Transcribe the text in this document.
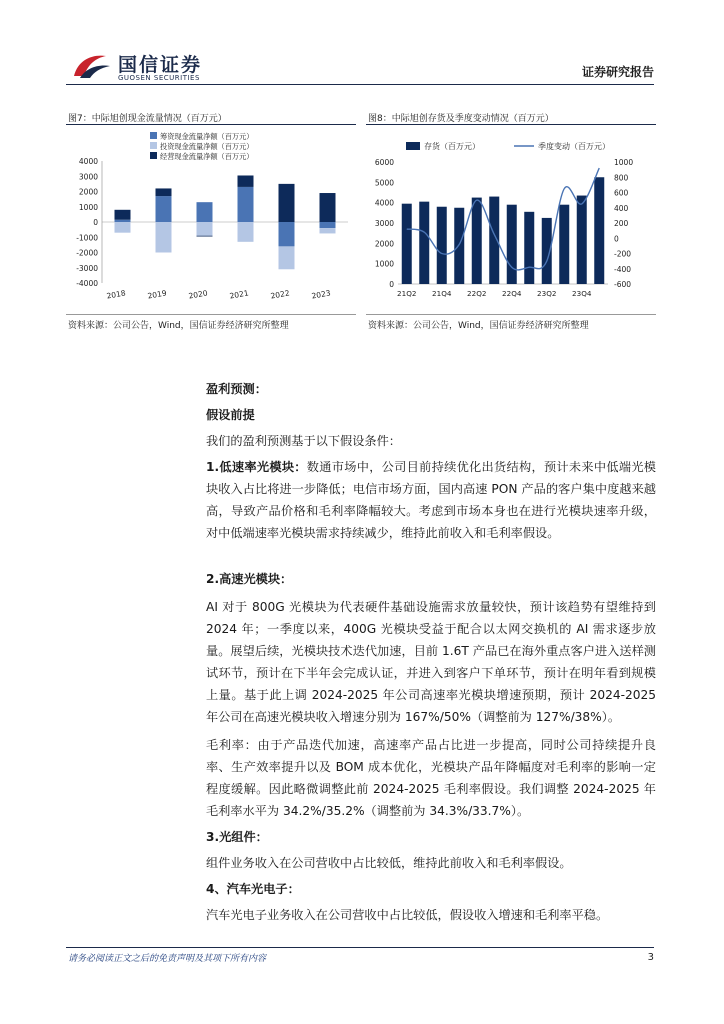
国信证券
GUOSEN SECURITIES	证券研究报告
图7：中际旭创现金流量情况（百万元）
4000
3000
2000
1000
0
-1000
-2000
-3000
-4000
2018	2019	2020	2021	2022	2023
筹资现金流量净额（百万元）
投资现金流量净额（百万元）
经营现金流量净额（百万元）
资料来源：公司公告，Wind，国信证券经济研究所整理
图8：中际旭创存货及季度变动情况（百万元）
6000
5000
4000
3000
2000
1000
0
1000
800
600
400
200
0
-200
-400
-600
21Q2 21Q4 22Q2 22Q4 23Q2 23Q4
存货（百万元）	季度变动（百万元）
资料来源：公司公告，Wind，国信证券经济研究所整理

盈利预测：

假设前提

我们的盈利预测基于以下假设条件：

1.低速率光模块：数通市场中，公司目前持续优化出货结构，预计未来中低端光模块收入占比将进一步降低；电信市场方面，国内高速 PON 产品的客户集中度越来越高，导致产品价格和毛利率降幅较大。考虑到市场本身也在进行光模块速率升级，对中低端速率光模块需求持续减少，维持此前收入和毛利率假设。

2.高速光模块：

AI 对于 800G 光模块为代表硬件基础设施需求放量较快，预计该趋势有望维持到 2024 年；一季度以来，400G 光模块受益于配合以太网交换机的 AI 需求逐步放量。展望后续，光模块技术迭代加速，目前 1.6T 产品已在海外重点客户进入送样测试环节，预计在下半年会完成认证，并进入到客户下单环节，预计在明年看到规模上量。基于此上调 2024-2025 年公司高速率光模块增速预期，预计 2024-2025 年公司在高速光模块收入增速分别为 167%/50%（调整前为 127%/38%）。

毛利率：由于产品迭代加速，高速率产品占比进一步提高，同时公司持续提升良率、生产效率提升以及 BOM 成本优化，光模块产品年降幅度对毛利率的影响一定程度缓解。因此略微调整此前 2024-2025 毛利率假设。我们调整 2024-2025 年毛利率水平为 34.2%/35.2%（调整前为 34.3%/33.7%）。

3.光组件：

组件业务收入在公司营收中占比较低，维持此前收入和毛利率假设。

4、汽车光电子：

汽车光电子业务收入在公司营收中占比较低，假设收入增速和毛利率平稳。

请务必阅读正文之后的免责声明及其项下所有内容	3
